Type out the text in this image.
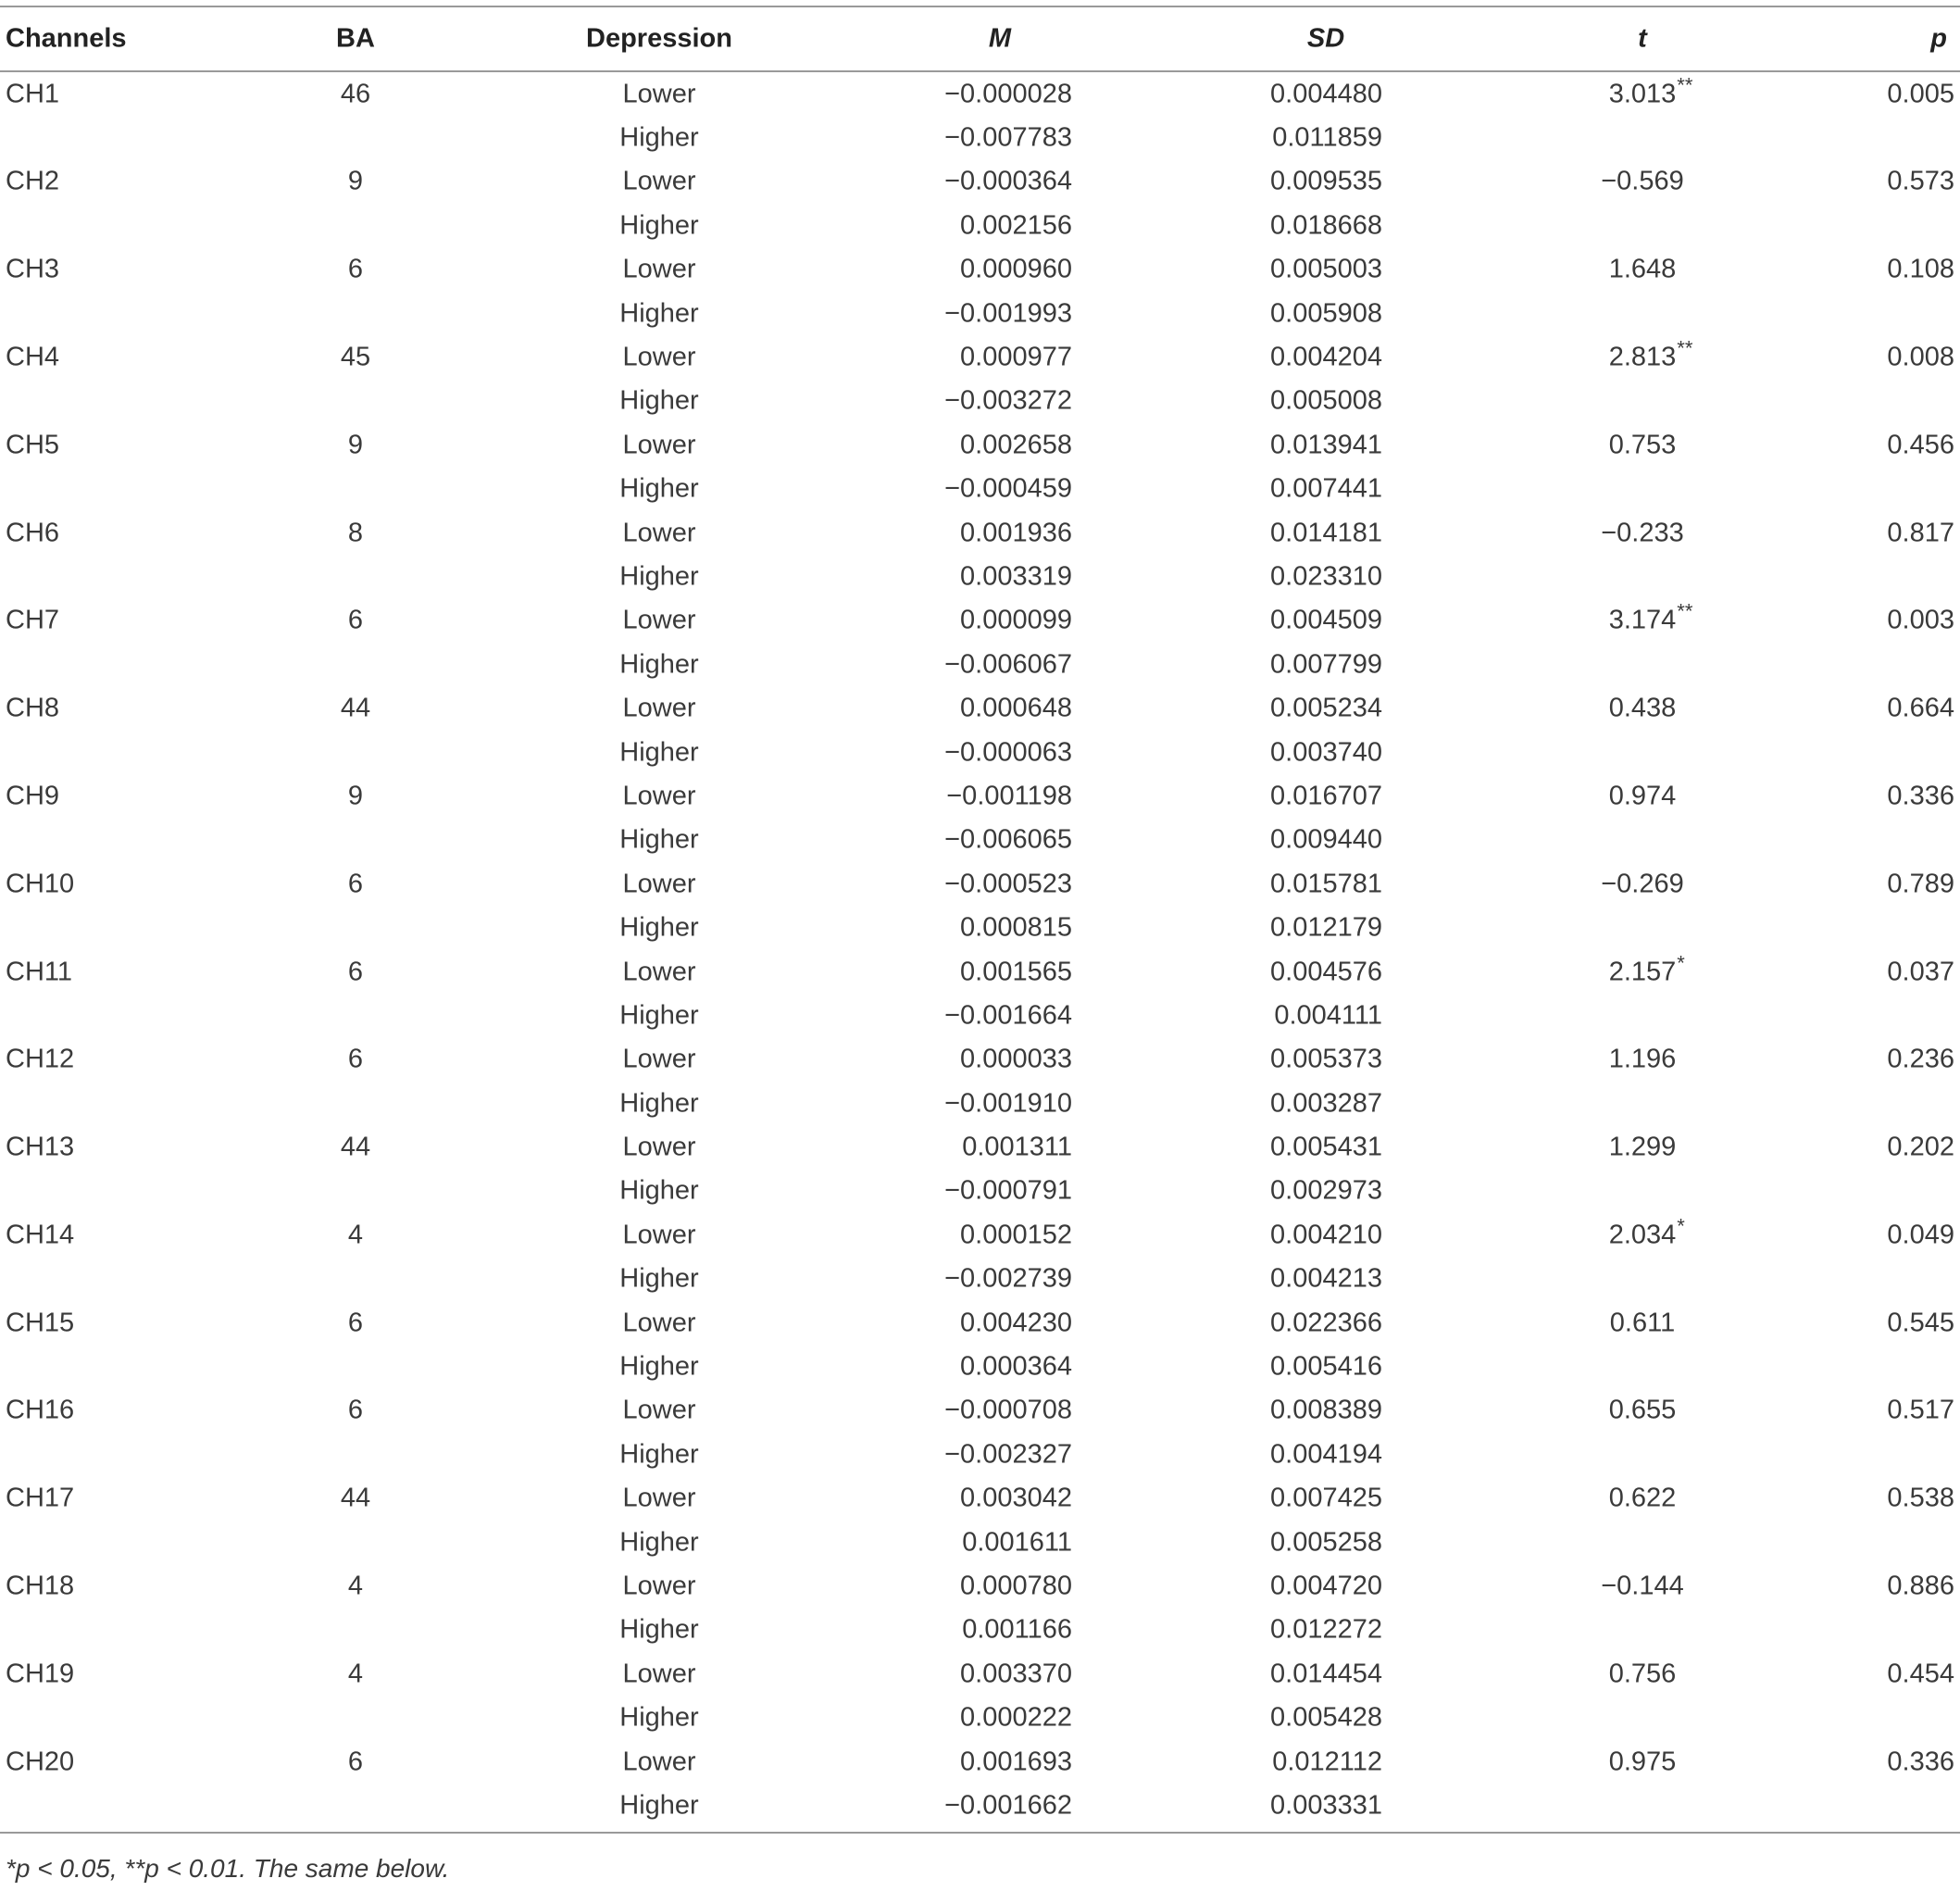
Channels	BA	Depression	M	SD	t	p
CH1	46	Lower	−0.000028	0.004480	3.013 **	0.005
Higher	−0.007783	0.011859
CH2	9	Lower	−0.000364	0.009535	−0.569	0.573
Higher	0.002156	0.018668
CH3	6	Lower	0.000960	0.005003	1.648	0.108
Higher	−0.001993	0.005908
CH4	45	Lower	0.000977	0.004204	2.813 **	0.008
Higher	−0.003272	0.005008
CH5	9	Lower	0.002658	0.013941	0.753	0.456
Higher	−0.000459	0.007441
CH6	8	Lower	0.001936	0.014181	−0.233	0.817
Higher	0.003319	0.023310
CH7	6	Lower	0.000099	0.004509	3.174 **	0.003
Higher	−0.006067	0.007799
CH8	44	Lower	0.000648	0.005234	0.438	0.664
Higher	−0.000063	0.003740
CH9	9	Lower	−0.001198	0.016707	0.974	0.336
Higher	−0.006065	0.009440
CH10	6	Lower	−0.000523	0.015781	−0.269	0.789
Higher	0.000815	0.012179
CH11	6	Lower	0.001565	0.004576	2.157 *	0.037
Higher	−0.001664	0.004111
CH12	6	Lower	0.000033	0.005373	1.196	0.236
Higher	−0.001910	0.003287
CH13	44	Lower	0.001311	0.005431	1.299	0.202
Higher	−0.000791	0.002973
CH14	4	Lower	0.000152	0.004210	2.034 *	0.049
Higher	−0.002739	0.004213
CH15	6	Lower	0.004230	0.022366	0.611	0.545
Higher	0.000364	0.005416
CH16	6	Lower	−0.000708	0.008389	0.655	0.517
Higher	−0.002327	0.004194
CH17	44	Lower	0.003042	0.007425	0.622	0.538
Higher	0.001611	0.005258
CH18	4	Lower	0.000780	0.004720	−0.144	0.886
Higher	0.001166	0.012272
CH19	4	Lower	0.003370	0.014454	0.756	0.454
Higher	0.000222	0.005428
CH20	6	Lower	0.001693	0.012112	0.975	0.336
Higher	−0.001662	0.003331
*p < 0.05, **p < 0.01. The same below.
